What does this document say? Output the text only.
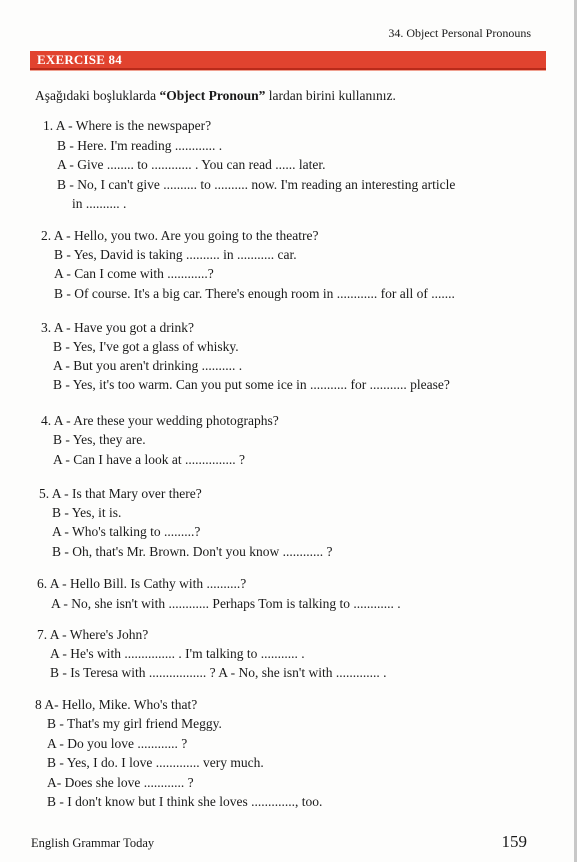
34. Object Personal Pronouns
EXERCISE 84
Aşağıdaki boşluklarda “Object Pronoun” lardan birini kullanınız.
1. A - Where is the newspaper?
B - Here. I'm reading ............ .
A - Give ........ to ............ . You can read ...... later.
B - No, I can't give .......... to .......... now. I'm reading an interesting article
in .......... .
2. A - Hello, you two. Are you going to the theatre?
B - Yes, David is taking .......... in ........... car.
A - Can I come with ............?
B - Of course. It's a big car. There's enough room in ............ for all of .......
3. A - Have you got a drink?
B - Yes, I've got a glass of whisky.
A - But you aren't drinking .......... .
B - Yes, it's too warm. Can you put some ice in ........... for ........... please?
4. A - Are these your wedding photographs?
B - Yes, they are.
A - Can I have a look at ............... ?
5. A - Is that Mary over there?
B - Yes, it is.
A - Who's talking to .........?
B - Oh, that's Mr. Brown. Don't you know ............ ?
6. A - Hello Bill. Is Cathy with ..........?
A - No, she isn't with ............ Perhaps Tom is talking to ............ .
7. A - Where's John?
A - He's with ............... . I'm talking to ........... .
B - Is Teresa with ................. ? A - No, she isn't with ............. .
8 A- Hello, Mike. Who's that?
B - That's my girl friend Meggy.
A - Do you love ............ ?
B - Yes, I do. I love ............. very much.
A- Does she love ............ ?
B - I don't know but I think she loves ............., too.
English Grammar Today	159
